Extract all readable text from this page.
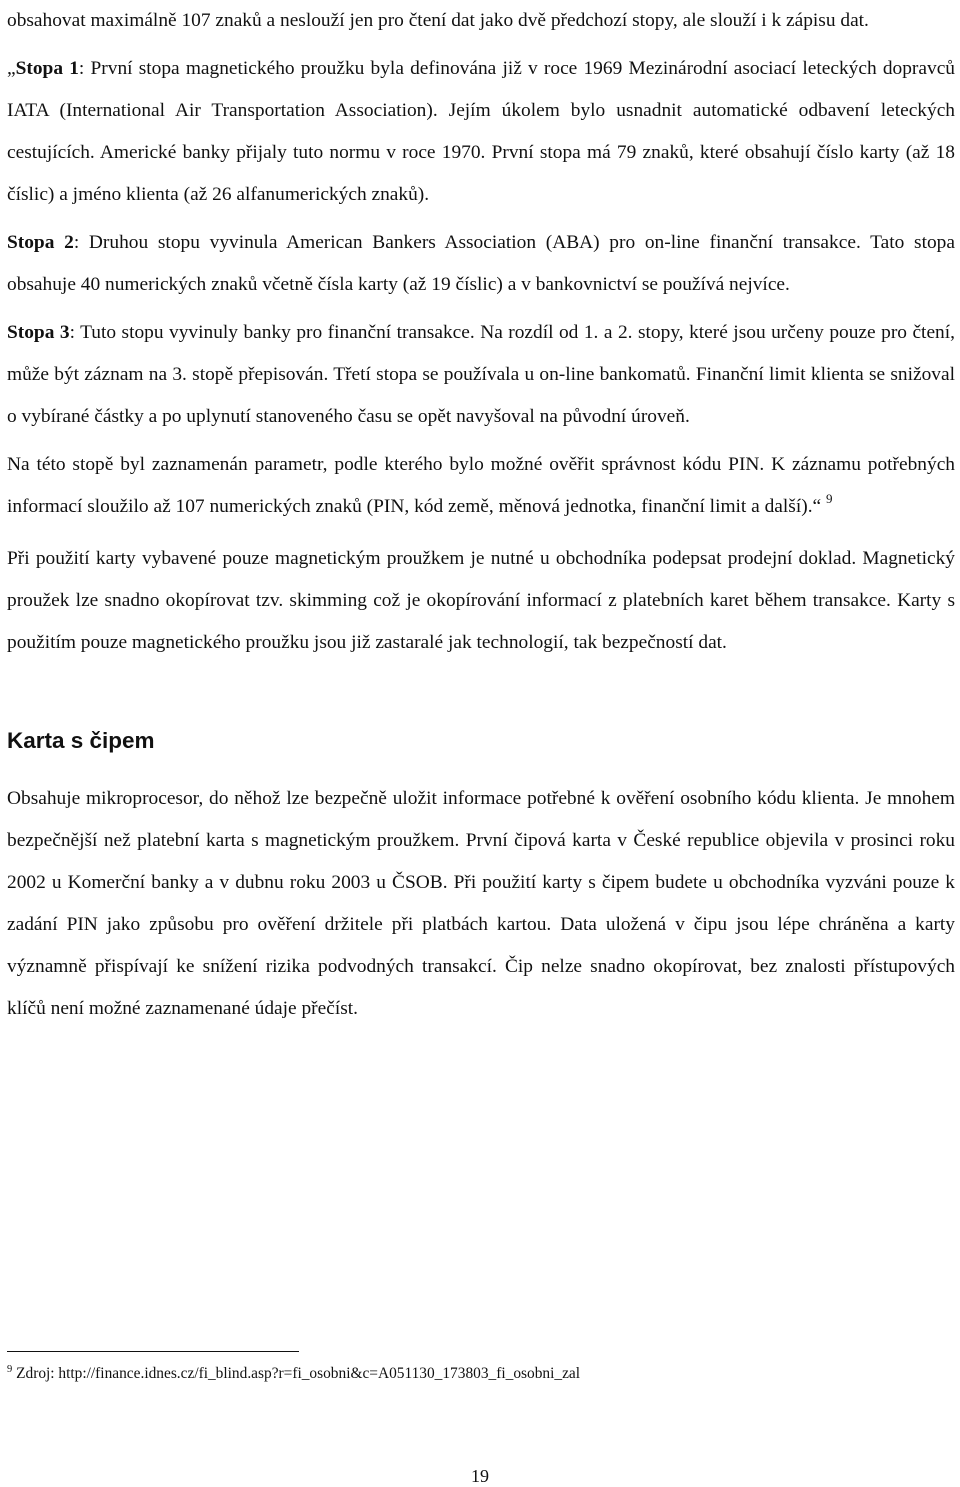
obsahovat maximálně 107 znaků a neslouží jen pro čtení dat jako dvě předchozí stopy, ale slouží i k zápisu dat.

„Stopa 1: První stopa magnetického proužku byla definována již v roce 1969 Mezinárodní asociací leteckých dopravců IATA (International Air Transportation Association). Jejím úkolem bylo usnadnit automatické odbavení leteckých cestujících. Americké banky přijaly tuto normu v roce 1970. První stopa má 79 znaků, které obsahují číslo karty (až 18 číslic) a jméno klienta (až 26 alfanumerických znaků).

Stopa 2: Druhou stopu vyvinula American Bankers Association (ABA) pro on-line finanční transakce. Tato stopa obsahuje 40 numerických znaků včetně čísla karty (až 19 číslic) a v bankovnictví se používá nejvíce.

Stopa 3: Tuto stopu vyvinuly banky pro finanční transakce. Na rozdíl od 1. a 2. stopy, které jsou určeny pouze pro čtení, může být záznam na 3. stopě přepisován. Třetí stopa se používala u on-line bankomatů. Finanční limit klienta se snižoval o vybírané částky a po uplynutí stanoveného času se opět navyšoval na původní úroveň.

Na této stopě byl zaznamenán parametr, podle kterého bylo možné ověřit správnost kódu PIN. K záznamu potřebných informací sloužilo až 107 numerických znaků (PIN, kód země, měnová jednotka, finanční limit a další).“ $^9$

Při použití karty vybavené pouze magnetickým proužkem je nutné u obchodníka podepsat prodejní doklad. Magnetický proužek lze snadno okopírovat tzv. skimming což je okopírování informací z platebních karet během transakce. Karty s použitím pouze magnetického proužku jsou již zastaralé jak technologií, tak bezpečností dat.

Karta s čipem

Obsahuje mikroprocesor, do něhož lze bezpečně uložit informace potřebné k ověření osobního kódu klienta. Je mnohem bezpečnější než platební karta s magnetickým proužkem. První čipová karta v České republice objevila v prosinci roku 2002 u Komerční banky a v dubnu roku 2003 u ČSOB. Při použití karty s čipem budete u obchodníka vyzváni pouze k zadání PIN jako způsobu pro ověření držitele při platbách kartou. Data uložená v čipu jsou lépe chráněna a karty významně přispívají ke snížení rizika podvodných transakcí. Čip nelze snadno okopírovat, bez znalosti přístupových klíčů není možné zaznamenané údaje přečíst.

$^9$ Zdroj: http://finance.idnes.cz/fi_blind.asp?r=fi_osobni&c=A051130_173803_fi_osobni_zal
19
